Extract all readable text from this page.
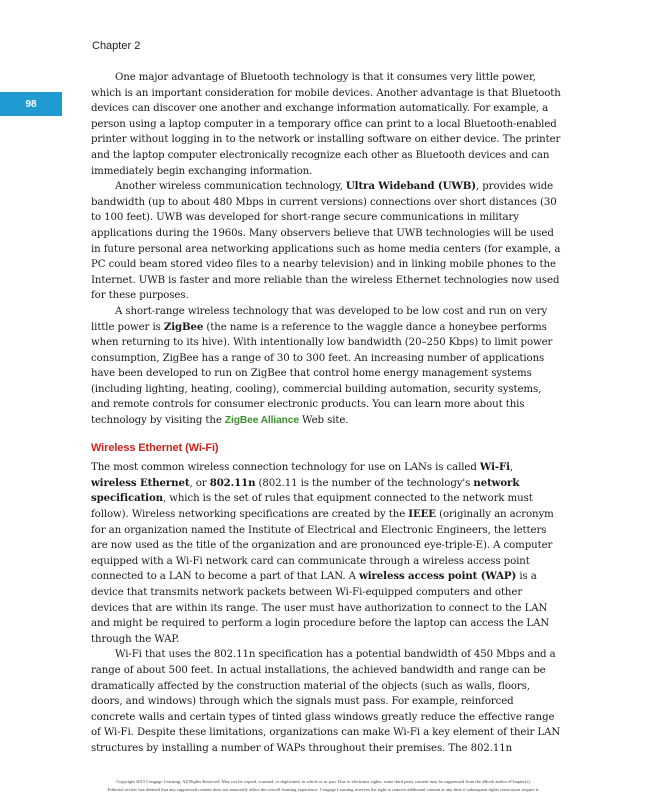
Chapter 2
98

One major advantage of Bluetooth technology is that it consumes very little power, which is an important consideration for mobile devices. Another advantage is that Bluetooth devices can discover one another and exchange information automatically. For example, a person using a laptop computer in a temporary office can print to a local Bluetooth-enabled printer without logging in to the network or installing software on either device. The printer and the laptop computer electronically recognize each other as Bluetooth devices and can immediately begin exchanging information.

Another wireless communication technology, Ultra Wideband (UWB), provides wide bandwidth (up to about 480 Mbps in current versions) connections over short distances (30 to 100 feet). UWB was developed for short-range secure communications in military applications during the 1960s. Many observers believe that UWB technologies will be used in future personal area networking applications such as home media centers (for example, a PC could beam stored video files to a nearby television) and in linking mobile phones to the Internet. UWB is faster and more reliable than the wireless Ethernet technologies now used for these purposes.

A short-range wireless technology that was developed to be low cost and run on very little power is ZigBee (the name is a reference to the waggle dance a honeybee performs when returning to its hive). With intentionally low bandwidth (20–250 Kbps) to limit power consumption, ZigBee has a range of 30 to 300 feet. An increasing number of applications have been developed to run on ZigBee that control home energy management systems (including lighting, heating, cooling), commercial building automation, security systems, and remote controls for consumer electronic products. You can learn more about this technology by visiting the ZigBee Alliance Web site.

Wireless Ethernet (Wi-Fi)

The most common wireless connection technology for use on LANs is called Wi-Fi, wireless Ethernet, or 802.11n (802.11 is the number of the technology's network specification, which is the set of rules that equipment connected to the network must follow). Wireless networking specifications are created by the IEEE (originally an acronym for an organization named the Institute of Electrical and Electronic Engineers, the letters are now used as the title of the organization and are pronounced eye-triple-E). A computer equipped with a Wi-Fi network card can communicate through a wireless access point connected to a LAN to become a part of that LAN. A wireless access point (WAP) is a device that transmits network packets between Wi-Fi-equipped computers and other devices that are within its range. The user must have authorization to connect to the LAN and might be required to perform a login procedure before the laptop can access the LAN through the WAP.

Wi-Fi that uses the 802.11n specification has a potential bandwidth of 450 Mbps and a range of about 500 feet. In actual installations, the achieved bandwidth and range can be dramatically affected by the construction material of the objects (such as walls, floors, doors, and windows) through which the signals must pass. For example, reinforced concrete walls and certain types of tinted glass windows greatly reduce the effective range of Wi-Fi. Despite these limitations, organizations can make Wi-Fi a key element of their LAN structures by installing a number of WAPs throughout their premises. The 802.11n

Copyright 2015 Cengage Learning. All Rights Reserved. May not be copied, scanned, or duplicated, in whole or in part. Due to electronic rights, some third party content may be suppressed from the eBook and/or eChapter(s).
Editorial review has deemed that any suppressed content does not materially affect the overall learning experience. Cengage Learning reserves the right to remove additional content at any time if subsequent rights restrictions require it.
